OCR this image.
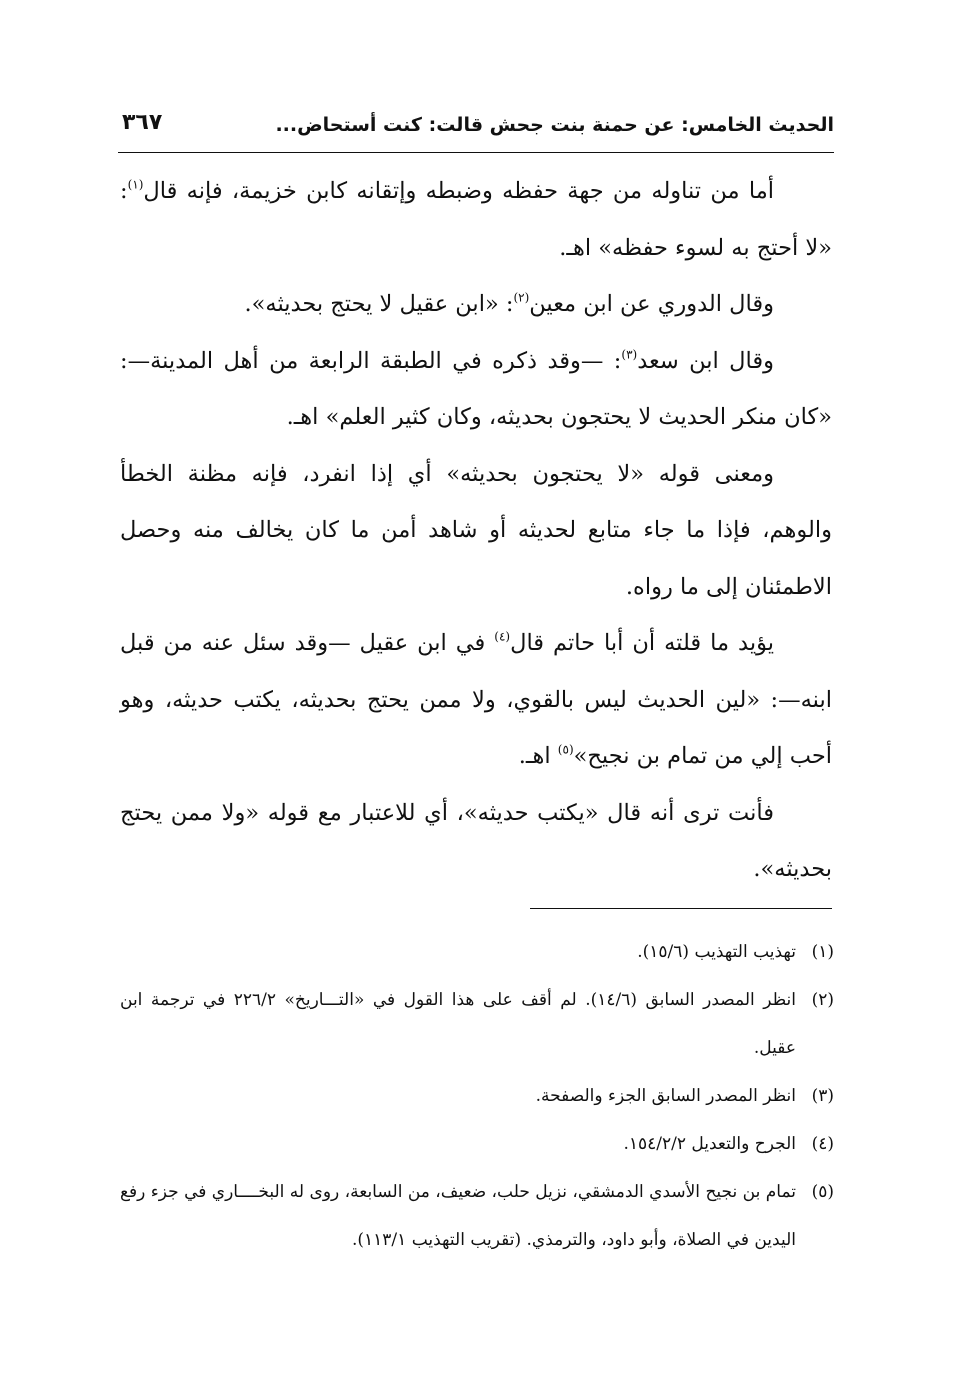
الحديث الخامس: عن حمنة بنت جحش قالت: كنت أستحاض...
٣٦٧

أما من تناوله من جهة حفظه وضبطه وإتقانه كابن خزيمة، فإنه قال$^{(١)}$: «لا أحتج به لسوء حفظه» اهـ.

وقال الدوري عن ابن معين$^{(٢)}$: «ابن عقيل لا يحتج بحديثه».

وقال ابن سعد$^{(٣)}$: —وقد ذكره في الطبقة الرابعة من أهل المدينة—: «كان منكر الحديث لا يحتجون بحديثه، وكان كثير العلم» اهـ.

ومعنى قوله «لا يحتجون بحديثه» أي إذا انفرد، فإنه مظنة الخطأ والوهم، فإذا ما جاء متابع لحديثه أو شاهد أمن ما كان يخالف منه وحصل الاطمئنان إلى ما رواه.

يؤيد ما قلته أن أبا حاتم قال$^{(٤)}$ في ابن عقيل —وقد سئل عنه من قبل ابنه—: «لين الحديث ليس بالقوي، ولا ممن يحتج بحديثه، يكتب حديثه، وهو أحب إلي من تمام بن نجيح»$^{(٥)}$ اهـ.

فأنت ترى أنه قال «يكتب حديثه»، أي للاعتبار مع قوله «ولا ممن يحتج بحديثه».

(١)
تهذيب التهذيب (١٥/٦).
(٢)
انظر المصدر السابق (١٤/٦). لم أقف على هذا القول في «التـــاريخ» ٢٢٦/٢ في ترجمة ابن عقيل.
(٣)
انظر المصدر السابق الجزء والصفحة.
(٤)
الجرح والتعديل ١٥٤/٢/٢.
(٥)
تمام بن نجيح الأسدي الدمشقي، نزيل حلب، ضعيف، من السابعة، روى له البخــــاري في جزء رفع اليدين في الصلاة، وأبو داود، والترمذي. (تقريب التهذيب ١١٣/١).
